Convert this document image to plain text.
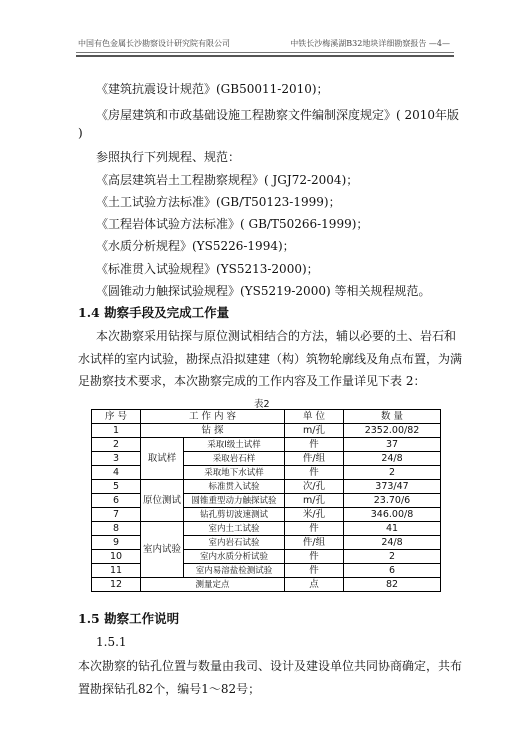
中国有色金属长沙勘察设计研究院有限公司	中铁长沙梅溪湖B32地块详细勘察报告 —4—
《建筑抗震设计规范》(GB50011-2010)；
《房屋建筑和市政基础设施工程勘察文件编制深度规定》( 2010年版
)
参照执行下列规程、规范：
《高层建筑岩土工程勘察规程》( JGJ72-2004)；
《土工试验方法标准》(GB/T50123-1999)；
《工程岩体试验方法标准》( GB/T50266-1999)；
《水质分析规程》(YS5226-1994)；
《标准贯入试验规程》(YS5213-2000)；
《圆锥动力触探试验规程》(YS5219-2000) 等相关规程规范。
1.4 勘察手段及完成工作量
本次勘察采用钻探与原位测试相结合的方法，辅以必要的土、岩石和
水试样的室内试验，勘探点沿拟建建（构）筑物轮廓线及角点布置，为满
足勘察技术要求，本次勘察完成的工作内容及工作量详见下表 2：
表2
序 号	工 作 内 容		单 位	数 量
1	钻 探		m/孔	2352.00/82
2	取试样	采取Ⅰ级土试样	件	37
3		采取岩石样	件/组	24/8
4		采取地下水试样	件	2
5	原位测试	标准贯入试验	次/孔	373/47
6		圆锥重型动力触探试验	m/孔	23.70/6
7		钻孔剪切波速测试	米/孔	346.00/8
8	室内试验	室内土工试验	件	41
9		室内岩石试验	件/组	24/8
10		室内水质分析试验	件	2
11		室内易溶盐检测试验	件	6
12	测量定点		点	82
1.5 勘察工作说明
1.5.1
本次勘察的钻孔位置与数量由我司、设计及建设单位共同协商确定，共布
置勘探钻孔82个，编号1～82号；
